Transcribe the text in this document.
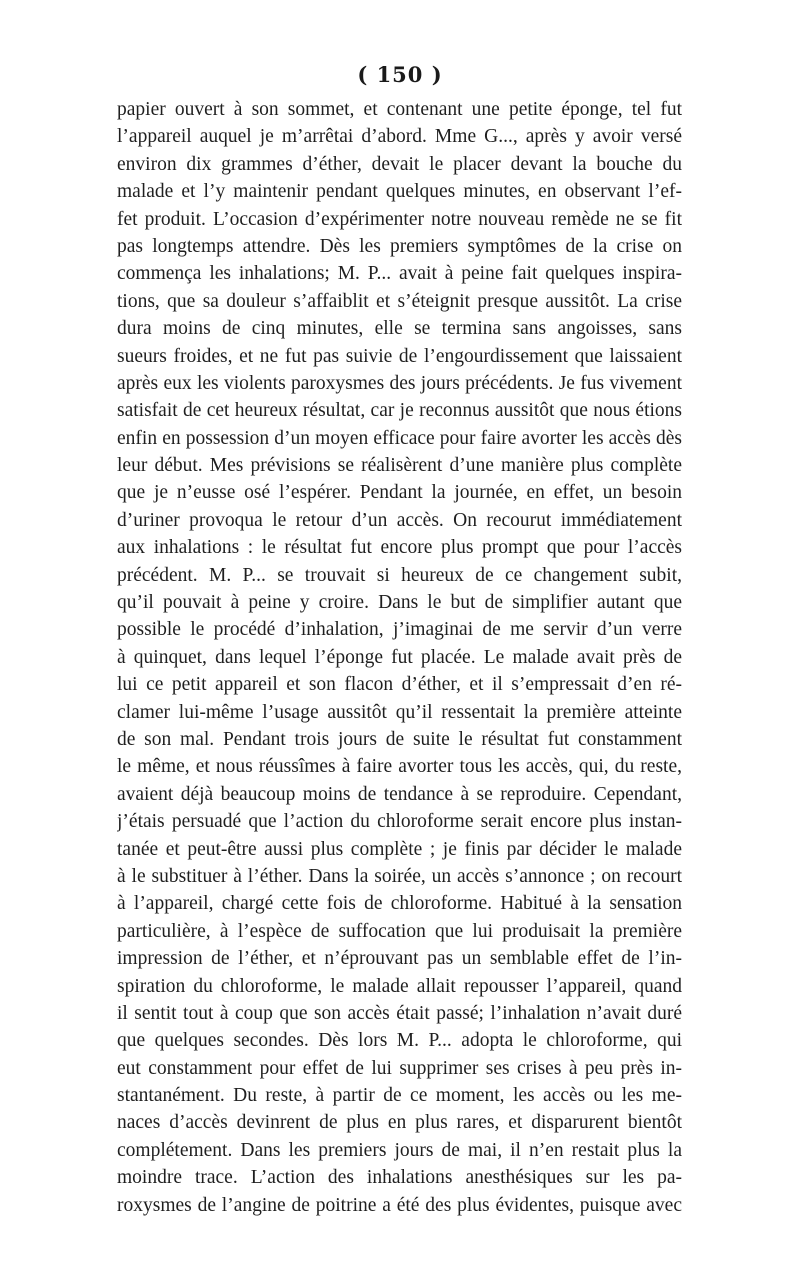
( 150 )
papier ouvert à son sommet, et contenant une petite éponge, tel fut
l’appareil auquel je m’arrêtai d’abord. Mme G..., après y avoir versé
environ dix grammes d’éther, devait le placer devant la bouche du
malade et l’y maintenir pendant quelques minutes, en observant l’ef-
fet produit. L’occasion d’expérimenter notre nouveau remède ne se fit
pas longtemps attendre. Dès les premiers symptômes de la crise on
commença les inhalations; M. P... avait à peine fait quelques inspira-
tions, que sa douleur s’affaiblit et s’éteignit presque aussitôt. La crise
dura moins de cinq minutes, elle se termina sans angoisses, sans
sueurs froides, et ne fut pas suivie de l’engourdissement que laissaient
après eux les violents paroxysmes des jours précédents. Je fus vivement
satisfait de cet heureux résultat, car je reconnus aussitôt que nous étions
enfin en possession d’un moyen efficace pour faire avorter les accès dès
leur début. Mes prévisions se réalisèrent d’une manière plus complète
que je n’eusse osé l’espérer. Pendant la journée, en effet, un besoin
d’uriner provoqua le retour d’un accès. On recourut immédiatement
aux inhalations : le résultat fut encore plus prompt que pour l’accès
précédent. M. P... se trouvait si heureux de ce changement subit,
qu’il pouvait à peine y croire. Dans le but de simplifier autant que
possible le procédé d’inhalation, j’imaginai de me servir d’un verre
à quinquet, dans lequel l’éponge fut placée. Le malade avait près de
lui ce petit appareil et son flacon d’éther, et il s’empressait d’en ré-
clamer lui-même l’usage aussitôt qu’il ressentait la première atteinte
de son mal. Pendant trois jours de suite le résultat fut constamment
le même, et nous réussîmes à faire avorter tous les accès, qui, du reste,
avaient déjà beaucoup moins de tendance à se reproduire. Cependant,
j’étais persuadé que l’action du chloroforme serait encore plus instan-
tanée et peut-être aussi plus complète ; je finis par décider le malade
à le substituer à l’éther. Dans la soirée, un accès s’annonce ; on recourt
à l’appareil, chargé cette fois de chloroforme. Habitué à la sensation
particulière, à l’espèce de suffocation que lui produisait la première
impression de l’éther, et n’éprouvant pas un semblable effet de l’in-
spiration du chloroforme, le malade allait repousser l’appareil, quand
il sentit tout à coup que son accès était passé; l’inhalation n’avait duré
que quelques secondes. Dès lors M. P... adopta le chloroforme, qui
eut constamment pour effet de lui supprimer ses crises à peu près in-
stantanément. Du reste, à partir de ce moment, les accès ou les me-
naces d’accès devinrent de plus en plus rares, et disparurent bientôt
complétement. Dans les premiers jours de mai, il n’en restait plus la
moindre trace. L’action des inhalations anesthésiques sur les pa-
roxysmes de l’angine de poitrine a été des plus évidentes, puisque avec
